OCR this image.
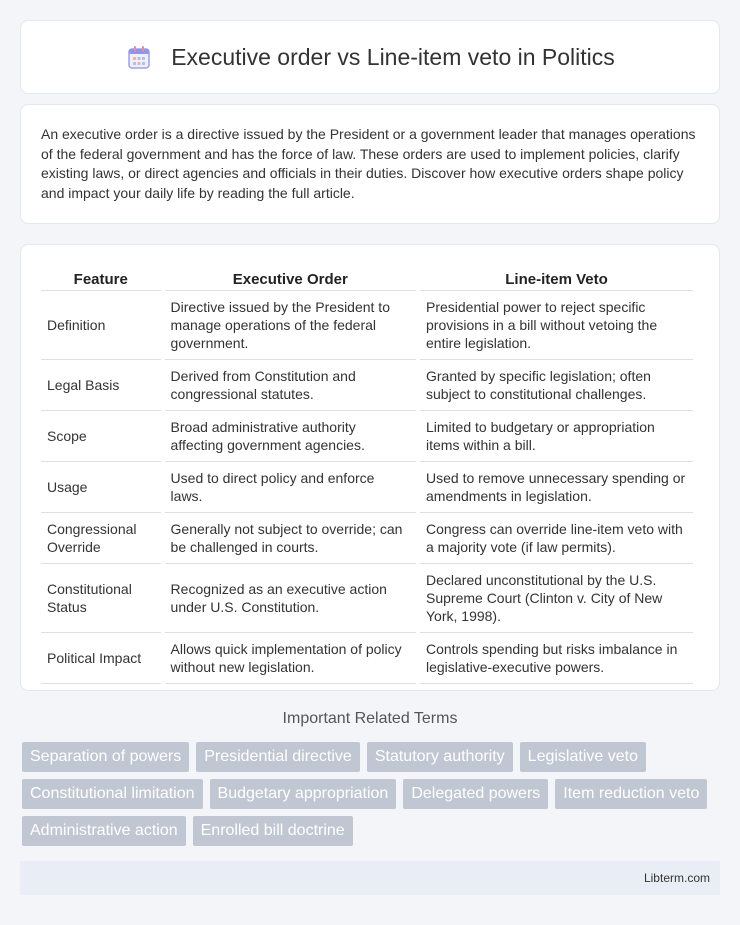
Executive order vs Line-item veto in Politics

An executive order is a directive issued by the President or a government leader that manages operations of the federal government and has the force of law. These orders are used to implement policies, clarify existing laws, or direct agencies and officials in their duties. Discover how executive orders shape policy and impact your daily life by reading the full article.

Feature	Executive Order	Line-item Veto
Definition	Directive issued by the President to manage operations of the federal government.	Presidential power to reject specific provisions in a bill without vetoing the entire legislation.
Legal Basis	Derived from Constitution and congressional statutes.	Granted by specific legislation; often subject to constitutional challenges.
Scope	Broad administrative authority affecting government agencies.	Limited to budgetary or appropriation items within a bill.
Usage	Used to direct policy and enforce laws.	Used to remove unnecessary spending or amendments in legislation.
Congressional Override	Generally not subject to override; can be challenged in courts.	Congress can override line-item veto with a majority vote (if law permits).
Constitutional Status	Recognized as an executive action under U.S. Constitution.	Declared unconstitutional by the U.S. Supreme Court (Clinton v. City of New York, 1998).
Political Impact	Allows quick implementation of policy without new legislation.	Controls spending but risks imbalance in legislative-executive powers.
Important Related Terms
Separation of powers	Presidential directive	Statutory authority	Legislative veto
Constitutional limitation	Budgetary appropriation	Delegated powers	Item reduction veto
Administrative action	Enrolled bill doctrine
Libterm.com
